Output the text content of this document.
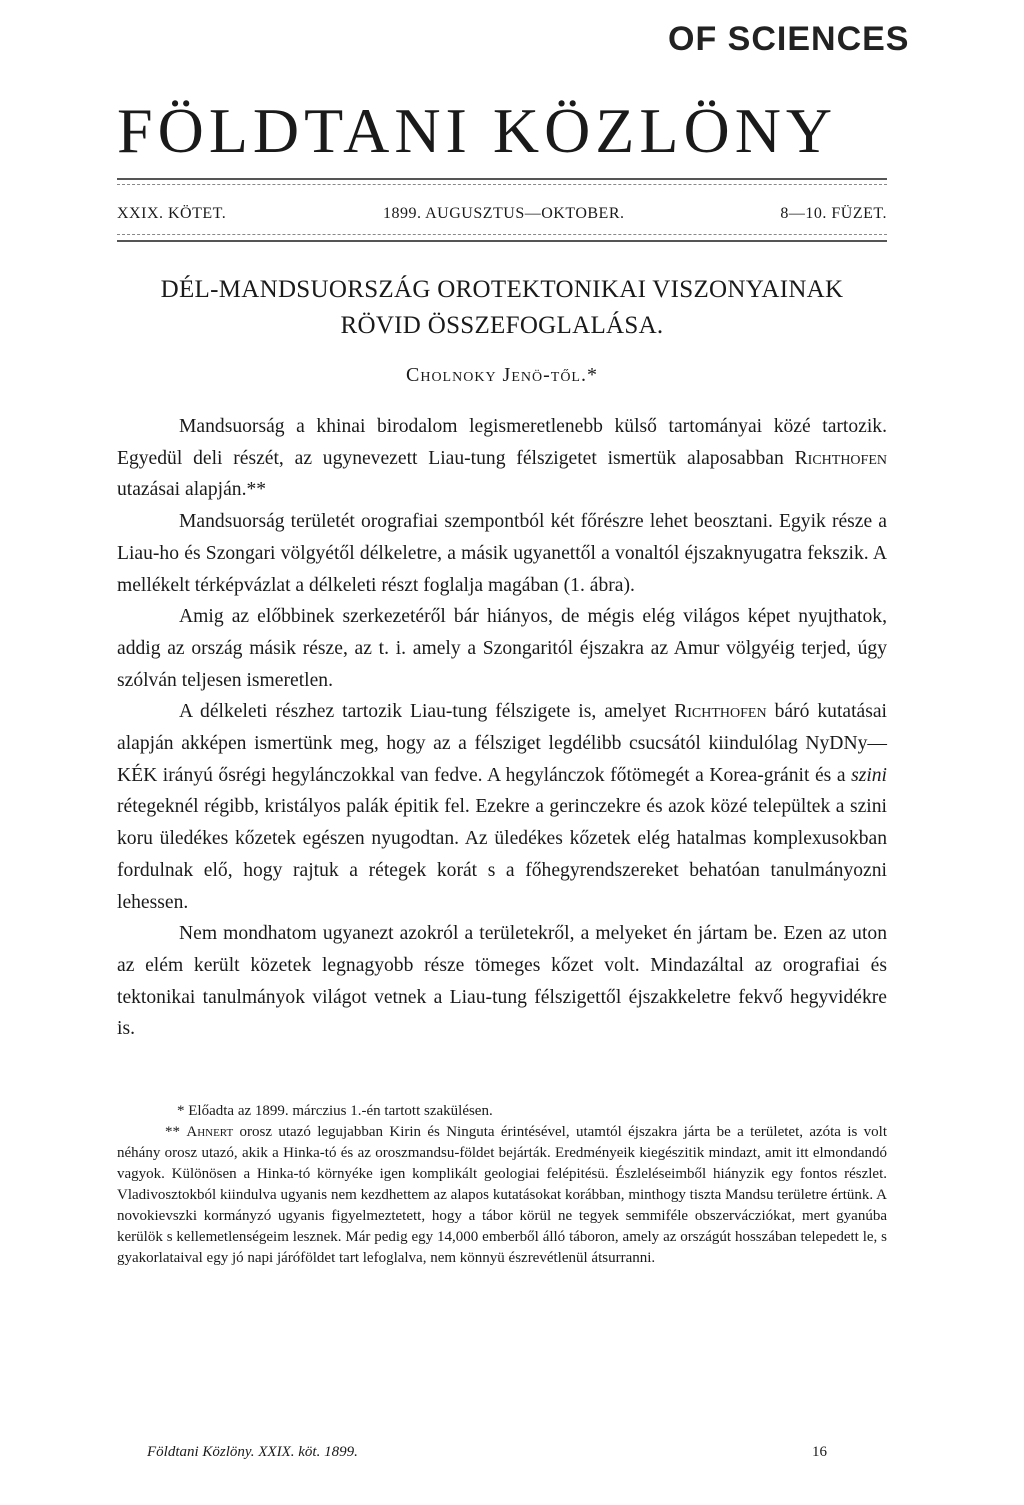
OF SCIENCES
FÖLDTANI KÖZLÖNY
XXIX. KÖTET.	1899. AUGUSZTUS—OKTOBER.	8—10. FÜZET.
DÉL-MANDSUORSZÁG OROTEKTONIKAI VISZONYAINAK
RÖVID ÖSSZEFOGLALÁSA.
Cholnoky Jenö-től.*

Mandsuorság a khinai birodalom legismeretlenebb külső tartományai közé tartozik. Egyedül deli részét, az ugynevezett Liau-tung félszigetet ismertük alaposabban Richthofen utazásai alapján.**

Mandsuorság területét orografiai szempontból két főrészre lehet beosztani. Egyik része a Liau-ho és Szongari völgyétől délkeletre, a másik ugyanettől a vonaltól éjszaknyugatra fekszik. A mellékelt térképvázlat a délkeleti részt foglalja magában (1. ábra).

Amig az előbbinek szerkezetéről bár hiányos, de mégis elég világos képet nyujthatok, addig az ország másik része, az t. i. amely a Szongaritól éjszakra az Amur völgyéig terjed, úgy szólván teljesen ismeretlen.

A délkeleti részhez tartozik Liau-tung félszigete is, amelyet Richthofen báró kutatásai alapján akképen ismertünk meg, hogy az a félsziget legdélibb csucsától kiindulólag NyDNy—KÉK irányú ősrégi hegylánczokkal van fedve. A hegylánczok főtömegét a Korea-gránit és a szini rétegeknél régibb, kristályos palák épitik fel. Ezekre a gerinczekre és azok közé települtek a szini koru üledékes kőzetek egészen nyugodtan. Az üledékes kőzetek elég hatalmas komplexusokban fordulnak elő, hogy rajtuk a rétegek korát s a főhegyrendszereket behatóan tanulmányozni lehessen.

Nem mondhatom ugyanezt azokról a területekről, a melyeket én jártam be. Ezen az uton az elém került közetek legnagyobb része tömeges kőzet volt. Mindazáltal az orografiai és tektonikai tanulmányok világot vetnek a Liau-tung félszigettől éjszakkeletre fekvő hegyvidékre is.

* Előadta az 1899. márczius 1.-én tartott szakülésen.

** Ahnert orosz utazó legujabban Kirin és Ninguta érintésével, utamtól éjszakra járta be a területet, azóta is volt néhány orosz utazó, akik a Hinka-tó és az oroszmandsu-földet bejárták. Eredményeik kiegészitik mindazt, amit itt elmondandó vagyok. Különösen a Hinka-tó környéke igen komplikált geologiai felépitésü. Észleléseimből hiányzik egy fontos részlet. Vladivosztokból kiindulva ugyanis nem kezdhettem az alapos kutatásokat korábban, minthogy tiszta Mandsu területre értünk. A novokievszki kormányzó ugyanis figyelmeztetett, hogy a tábor körül ne tegyek semmiféle obszervácziókat, mert gyanúba kerülök s kellemetlenségeim lesznek. Már pedig egy 14,000 emberből álló táboron, amely az országút hosszában telepedett le, s gyakorlataival egy jó napi járóföldet tart lefoglalva, nem könnyü észrevétlenül átsurranni.

Földtani Közlöny. XXIX. köt. 1899.	16
